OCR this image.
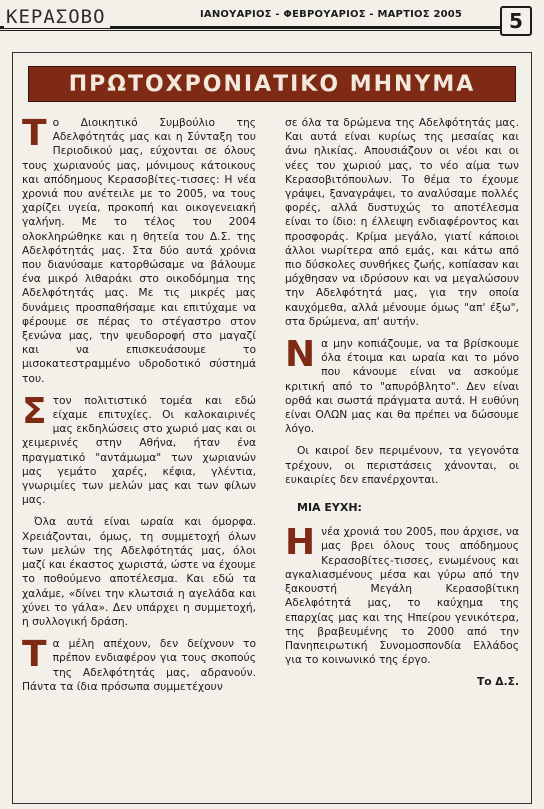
ΚΕΡΑΣΟΒΟ	ΙΑΝΟΥΑΡΙΟΣ - ΦΕΒΡΟΥΑΡΙΟΣ - ΜΑΡΤΙΟΣ 2005	5
ΠΡΩΤΟΧΡΟΝΙΑΤΙΚΟ ΜΗΝΥΜΑ

Τ ο Διοικητικό Συμβούλιο της Αδελφότητάς μας και η Σύνταξη του Περιοδικού μας, εύχονται σε όλους τους χωριανούς μας, μόνιμους κάτοικους και απόδημους Κερασοβίτες-τισσες: Η νέα χρονιά που ανέτειλε με το 2005, να τους χαρίζει υγεία, προκοπή και οικογενειακή γαλήνη. Με το τέλος του 2004 ολοκληρώθηκε και η θητεία του Δ.Σ. της Αδελφότητάς μας. Στα δύο αυτά χρόνια που διανύσαμε κατορθώσαμε να βάλουμε ένα μικρό λιθαράκι στο οικοδόμημα της Αδελφότητάς μας. Με τις μικρές μας δυνάμεις προσπαθήσαμε και επιτύχαμε να φέρουμε σε πέρας το στέγαστρο στον ξενώνα μας, την ψευδοροφή στο μαγαζί και να επισκευάσουμε το μισοκατεστραμμένο υδροδοτικό σύστημά του.

Σ τον πολιτιστικό τομέα και εδώ είχαμε επιτυχίες. Οι καλοκαιρινές μας εκδηλώσεις στο χωριό μας και οι χειμερινές στην Αθήνα, ήταν ένα πραγματικό "αντάμωμα" των χωριανών μας γεμάτο χαρές, κέφια, γλέντια, γνωριμίες των μελών μας και των φίλων μας.

Όλα αυτά είναι ωραία και όμορφα. Χρειάζονται, όμως, τη συμμετοχή όλων των μελών της Αδελφότητάς μας, όλοι μαζί και έκαστος χωριστά, ώστε να έχουμε το ποθούμενο αποτέλεσμα. Και εδώ τα χαλάμε, «δίνει την κλωτσιά η αγελάδα και χύνει το γάλα». Δεν υπάρχει η συμμετοχή, η συλλογική δράση.

Τ α μέλη απέχουν, δεν δείχνουν το πρέπον ενδιαφέρον για τους σκοπούς της Αδελφότητάς μας, αδρανούν. Πάντα τα ίδια πρόσωπα συμμετέχουν

σε όλα τα δρώμενα της Αδελφότητάς μας. Και αυτά είναι κυρίως της μεσαίας και άνω ηλικίας. Απουσιάζουν οι νέοι και οι νέες του χωριού μας, το νέο αίμα των Κερασοβιτόπουλων. Το θέμα το έχουμε γράψει, ξαναγράψει, το αναλύσαμε πολλές φορές, αλλά δυστυχώς το αποτέλεσμα είναι το ίδιο: η έλλειψη ενδιαφέροντος και προσφοράς. Κρίμα μεγάλο, γιατί κάποιοι άλλοι νωρίτερα από εμάς, και κάτω από πιο δύσκολες συνθήκες ζωής, κοπίασαν και μόχθησαν να ιδρύσουν και να μεγαλώσουν την Αδελφότητά μας, για την οποία καυχόμεθα, αλλά μένουμε όμως "απ' έξω", στα δρώμενα, απ' αυτήν.

Ν α μην κοπιάζουμε, να τα βρίσκουμε όλα έτοιμα και ωραία και το μόνο που κάνουμε είναι να ασκούμε κριτική από το "απυρόβλητο". Δεν είναι ορθά και σωστά πράγματα αυτά. Η ευθύνη είναι ΟΛΩΝ μας και θα πρέπει να δώσουμε λόγο.

Οι καιροί δεν περιμένουν, τα γεγονότα τρέχουν, οι περιστάσεις χάνονται, οι ευκαιρίες δεν επανέρχονται.

ΜΙΑ ΕΥΧΗ:

Η νέα χρονιά του 2005, που άρχισε, να μας βρει όλους τους απόδημους Κερασοβίτες-τισσες, ενωμένους και αγκαλιασμένους μέσα και γύρω από την ξακουστή Μεγάλη Κερασοβίτικη Αδελφότητά μας, το καύχημα της επαρχίας μας και της Ηπείρου γενικότερα, της βραβευμένης το 2000 από την Πανηπειρωτική Συνομοσπονδία Ελλάδος για το κοινωνικό της έργο.

Το Δ.Σ.
